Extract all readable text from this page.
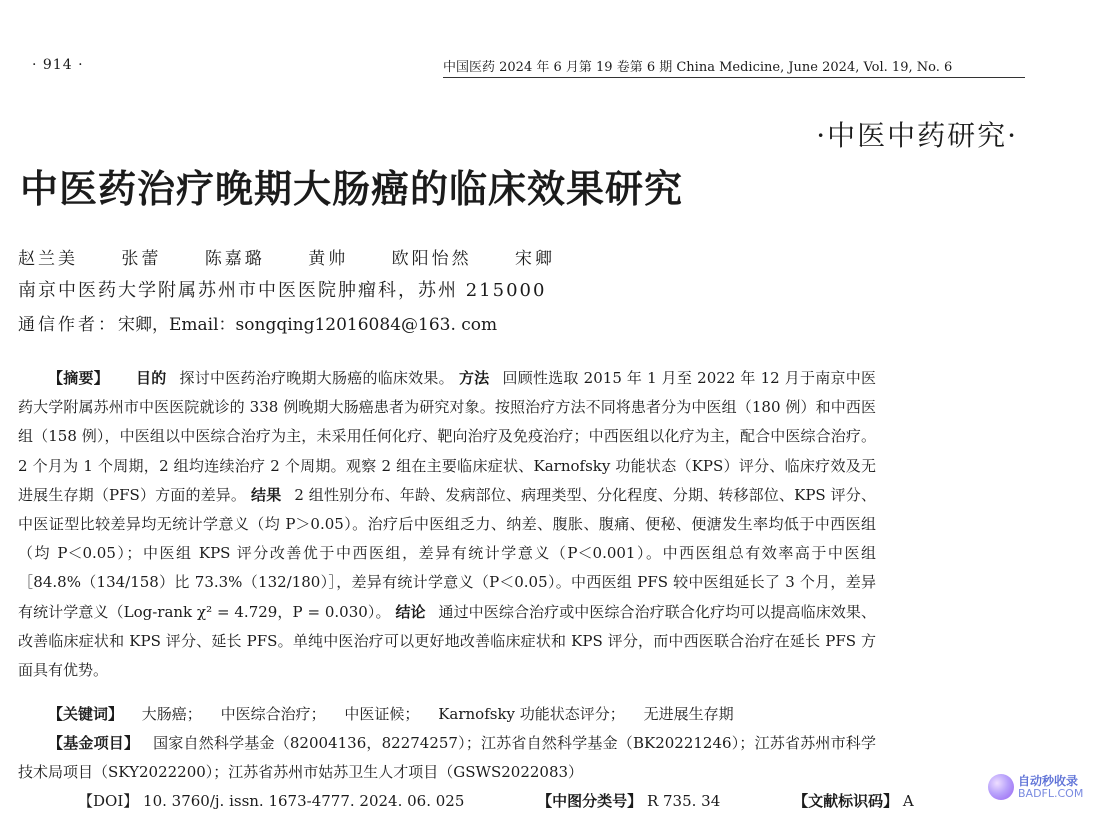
· 914 ·	中国医药 2024 年 6 月第 19 卷第 6 期 China Medicine, June 2024, Vol. 19, No. 6
·中医中药研究·
中医药治疗晚期大肠癌的临床效果研究
赵兰美	张蕾	陈嘉璐	黄帅	欧阳怡然	宋卿
南京中医药大学附属苏州市中医医院肿瘤科，苏州 215000
通信作者：宋卿，Email：songqing12016084@163. com

【摘要】 目的 探讨中医药治疗晚期大肠癌的临床效果。 方法 回顾性选取 2015 年 1 月至 2022 年 12 月于南京中医药大学附属苏州市中医医院就诊的 338 例晚期大肠癌患者为研究对象。按照治疗方法不同将患者分为中医组（180 例）和中西医组（158 例），中医组以中医综合治疗为主，未采用任何化疗、靶向治疗及免疫治疗；中西医组以化疗为主，配合中医综合治疗。2 个月为 1 个周期，2 组均连续治疗 2 个周期。观察 2 组在主要临床症状、Karnofsky 功能状态（KPS）评分、临床疗效及无进展生存期（PFS）方面的差异。 结果 2 组性别分布、年龄、发病部位、病理类型、分化程度、分期、转移部位、KPS 评分、中医证型比较差异均无统计学意义（均 P＞0.05）。治疗后中医组乏力、纳差、腹胀、腹痛、便秘、便溏发生率均低于中西医组（均 P＜0.05）；中医组 KPS 评分改善优于中西医组，差异有统计学意义（P＜0.001）。中西医组总有效率高于中医组［84.8%（134/158）比 73.3%（132/180）］，差异有统计学意义（P＜0.05）。中西医组 PFS 较中医组延长了 3 个月，差异有统计学意义（Log-rank χ² = 4.729，P = 0.030）。 结论 通过中医综合治疗或中医综合治疗联合化疗均可以提高临床效果、改善临床症状和 KPS 评分、延长 PFS。单纯中医治疗可以更好地改善临床症状和 KPS 评分，而中西医联合治疗在延长 PFS 方面具有优势。

【关键词】 大肠癌； 中医综合治疗； 中医证候； Karnofsky 功能状态评分； 无进展生存期

【基金项目】 国家自然科学基金（82004136，82274257）；江苏省自然科学基金（BK20221246）；江苏省苏州市科学技术局项目（SKY2022200）；江苏省苏州市姑苏卫生人才项目（GSWS2022083）

【DOI】 10. 3760/j. issn. 1673-4777. 2024. 06. 025	【中图分类号】 R 735. 34	【文献标识码】 A

自动秒收录
BADFL.COM
